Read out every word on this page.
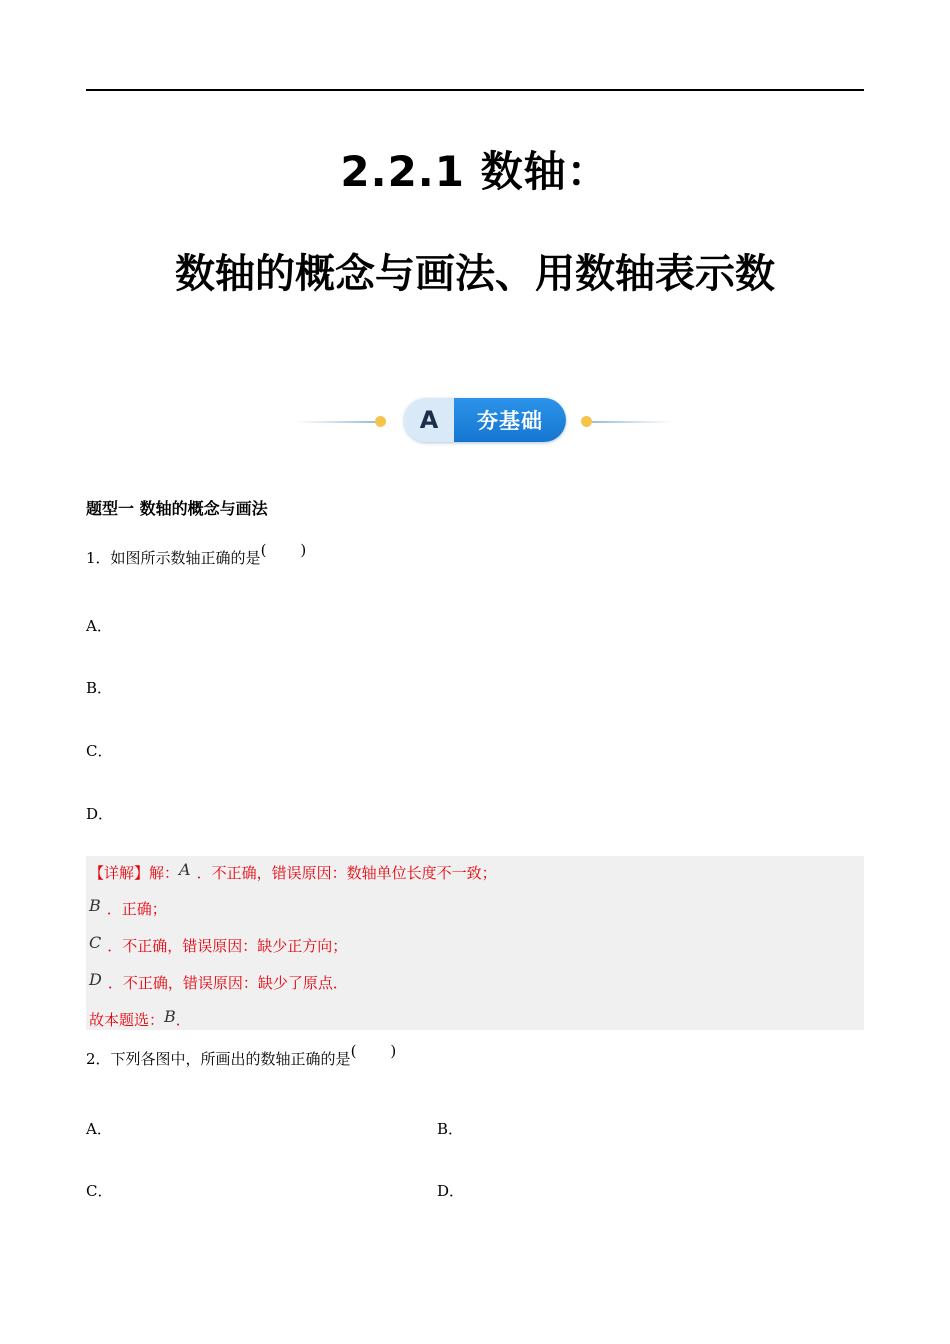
2.2.1 数轴：
数轴的概念与画法、用数轴表示数
A	夯基础
题型一 数轴的概念与画法
1．如图所示数轴正确的是( )
A．
B．
C．
D．
【详解】解：A ．不正确，错误原因：数轴单位长度不一致；
B ．正确；
C ．不正确，错误原因：缺少正方向；
D ．不正确，错误原因：缺少了原点．
故本题选：B．
2．下列各图中，所画出的数轴正确的是( )
A．	B．
C．	D．
